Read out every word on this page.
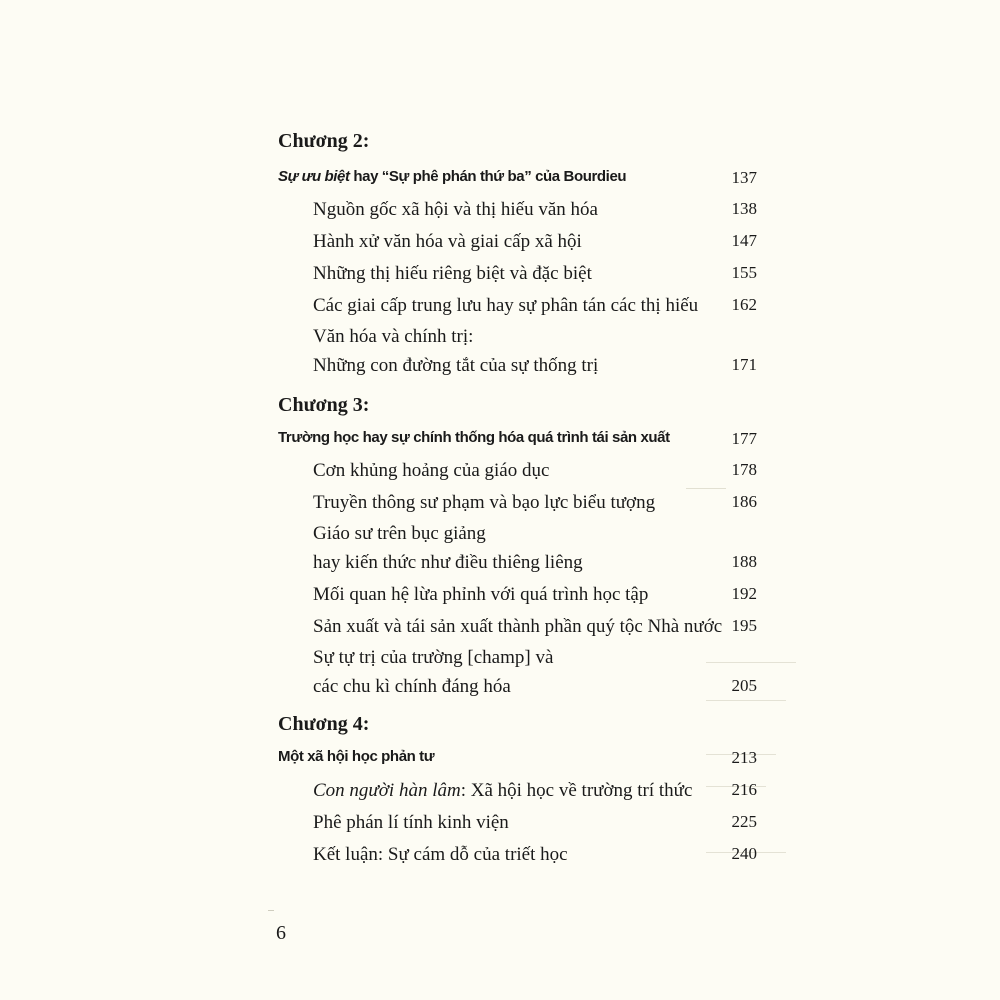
Chương 2:
Sự ưu biệt hay “Sự phê phán thứ ba” của Bourdieu	137
Nguồn gốc xã hội và thị hiếu văn hóa	138
Hành xử văn hóa và giai cấp xã hội	147
Những thị hiếu riêng biệt và đặc biệt	155
Các giai cấp trung lưu hay sự phân tán các thị hiếu 162
Văn hóa và chính trị:
Những con đường tắt của sự thống trị	171
Chương 3:
Trường học hay sự chính thống hóa quá trình tái sản xuất	177
Cơn khủng hoảng của giáo dục	178
Truyền thông sư phạm và bạo lực biểu tượng	186
Giáo sư trên bục giảng
hay kiến thức như điều thiêng liêng	188
Mối quan hệ lừa phỉnh với quá trình học tập	192
Sản xuất và tái sản xuất thành phần quý tộc Nhà nước 195
Sự tự trị của trường [champ] và
các chu kì chính đáng hóa	205
Chương 4:
Một xã hội học phản tư	213
Con người hàn lâm: Xã hội học về trường trí thức 216
Phê phán lí tính kinh viện	225
Kết luận: Sự cám dỗ của triết học	240
6
